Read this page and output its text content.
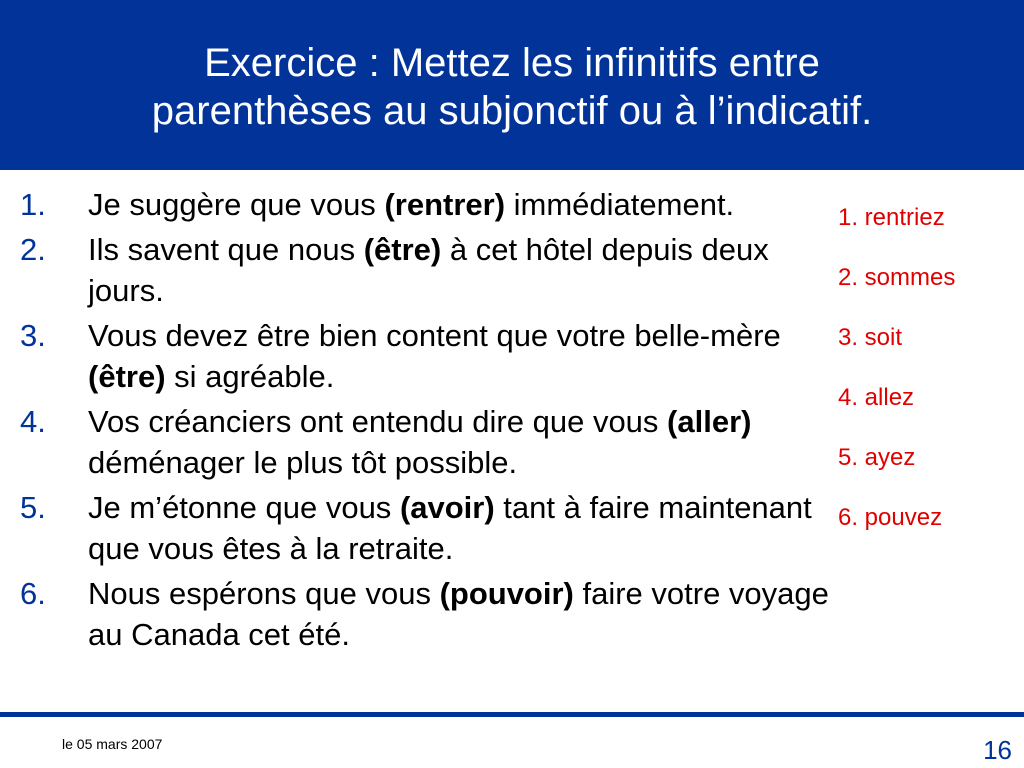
Exercice : Mettez les infinitifs entre
parenthèses au subjonctif ou à l’indicatif.
1.	Je suggère que vous (rentrer) immédiatement.
2.	Ils savent que nous (être) à cet hôtel depuis deux jours.
3.	Vous devez être bien content que votre belle-mère (être) si agréable.
4.	Vos créanciers ont entendu dire que vous (aller) déménager le plus tôt possible.
5.	Je m’étonne que vous (avoir) tant à faire maintenant que vous êtes à la retraite.
6.	Nous espérons que vous (pouvoir) faire votre voyage au Canada cet été.
1. rentriez
2. sommes
3. soit
4. allez
5. ayez
6. pouvez
le 05 mars 2007	16
